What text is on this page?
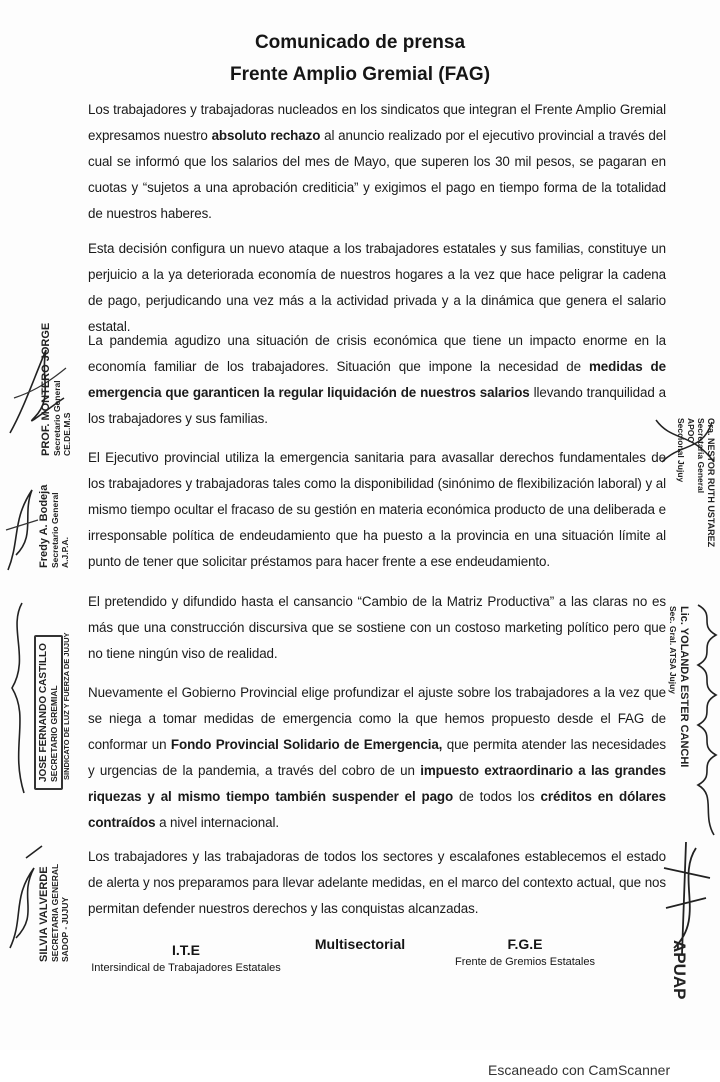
Comunicado de prensa
Frente Amplio Gremial (FAG)
Los trabajadores y trabajadoras nucleados en los sindicatos que integran el Frente Amplio Gremial expresamos nuestro absoluto rechazo al anuncio realizado por el ejecutivo provincial a través del cual se informó que los salarios del mes de Mayo, que superen los 30 mil pesos, se pagaran en cuotas y “sujetos a una aprobación crediticia” y exigimos el pago en tiempo forma de la totalidad de nuestros haberes.
Esta decisión configura un nuevo ataque a los trabajadores estatales y sus familias, constituye un perjuicio a la ya deteriorada economía de nuestros hogares a la vez que hace peligrar la cadena de pago, perjudicando una vez más a la actividad privada y a la dinámica que genera el salario estatal.
La pandemia agudizo una situación de crisis económica que tiene un impacto enorme en la economía familiar de los trabajadores. Situación que impone la necesidad de medidas de emergencia que garanticen la regular liquidación de nuestros salarios llevando tranquilidad a los trabajadores y sus familias.
El Ejecutivo provincial utiliza la emergencia sanitaria para avasallar derechos fundamentales de los trabajadores y trabajadoras tales como la disponibilidad (sinónimo de flexibilización laboral) y al mismo tiempo ocultar el fracaso de su gestión en materia económica producto de una deliberada e irresponsable política de endeudamiento que ha puesto a la provincia en una situación límite al punto de tener que solicitar préstamos para hacer frente a ese endeudamiento.
El pretendido y difundido hasta el cansancio “Cambio de la Matriz Productiva” a las claras no es más que una construcción discursiva que se sostiene con un costoso marketing político pero que no tiene ningún viso de realidad.
Nuevamente el Gobierno Provincial elige profundizar el ajuste sobre los trabajadores a la vez que se niega a tomar medidas de emergencia como la que hemos propuesto desde el FAG de conformar un Fondo Provincial Solidario de Emergencia, que permita atender las necesidades y urgencias de la pandemia, a través del cobro de un impuesto extraordinario a las grandes riquezas y al mismo tiempo también suspender el pago de todos los créditos en dólares contraídos a nivel internacional.
Los trabajadores y las trabajadoras de todos los sectores y escalafones establecemos el estado de alerta y nos preparamos para llevar adelante medidas, en el marco del contexto actual, que nos permitan defender nuestros derechos y las conquistas alcanzadas.
I.T.E
Intersindical de Trabajadores Estatales
Multisectorial	F.G.E
Frente de Gremios Estatales
PROF. MONTERO JORGE Secretario General CE.DE.M.S
Fredy A. Bodeja Secretario General A.J.P.A.
JOSE FERNANDO CASTILLO SECRETARIO GREMIAL SINDICATO DE LUZ Y FUERZA DE JUJUY
SILVIA VALVERDE SECRETARIA GENERAL SADOP - JUJUY
Cra. NESTOR RUTH USTAREZ
Secretaria General
APOC
Seccional Jujuy
Lic. YOLANDA ESTER CANCHI
Sec. Gral. ATSA Jujuy
APUAP
Escaneado con CamScanner
